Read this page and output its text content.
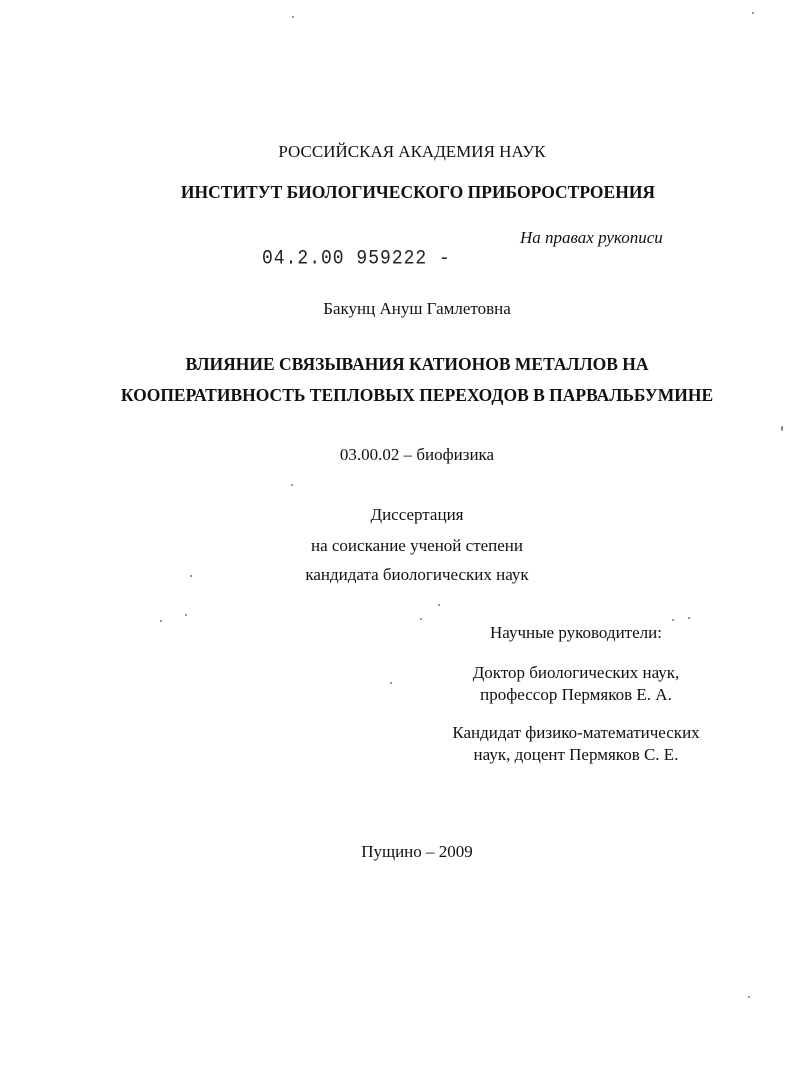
РОССИЙСКАЯ АКАДЕМИЯ НАУК
ИНСТИТУТ БИОЛОГИЧЕСКОГО ПРИБОРОСТРОЕНИЯ
На правах рукописи
04.2.00 959222 -
Бакунц Ануш Гамлетовна
ВЛИЯНИЕ СВЯЗЫВАНИЯ КАТИОНОВ МЕТАЛЛОВ НА
КООПЕРАТИВНОСТЬ ТЕПЛОВЫХ ПЕРЕХОДОВ В ПАРВАЛЬБУМИНЕ
03.00.02 – биофизика
Диссертация
на соискание ученой степени
кандидата биологических наук
Научные руководители:
Доктор биологических наук,
профессор Пермяков Е. А.
Кандидат физико-математических
наук, доцент Пермяков С. Е.
Пущино – 2009
